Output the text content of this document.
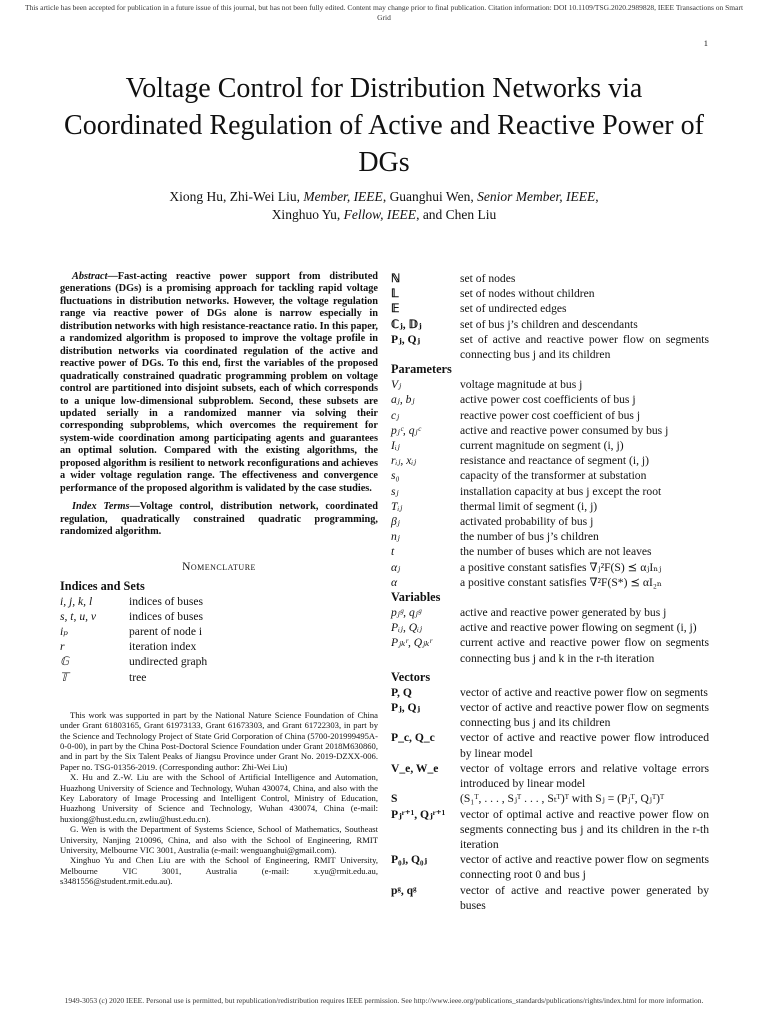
This article has been accepted for publication in a future issue of this journal, but has not been fully edited. Content may change prior to final publication. Citation information: DOI 10.1109/TSG.2020.2989828, IEEE Transactions on Smart Grid
1
Voltage Control for Distribution Networks via Coordinated Regulation of Active and Reactive Power of DGs
Xiong Hu, Zhi-Wei Liu, Member, IEEE, Guanghui Wen, Senior Member, IEEE,
Xinghuo Yu, Fellow, IEEE, and Chen Liu

Abstract—Fast-acting reactive power support from distributed generations (DGs) is a promising approach for tackling rapid voltage fluctuations in distribution networks. However, the voltage regulation range via reactive power of DGs alone is narrow especially in distribution networks with high resistance-reactance ratio. In this paper, a randomized algorithm is proposed to improve the voltage profile in distribution networks via coordinated regulation of the active and reactive power of DGs. To this end, first the variables of the proposed quadratically constrained quadratic programming problem on voltage control are partitioned into disjoint subsets, each of which corresponds to a unique low-dimensional subproblem. Second, these subsets are updated serially in a randomized manner via solving their corresponding subproblems, which overcomes the requirement for system-wide coordination among participating agents and guarantees an optimal solution. Compared with the existing algorithms, the proposed algorithm is resilient to network reconfigurations and achieves a wider voltage regulation range. The effectiveness and convergence performance of the proposed algorithm is validated by the case studies.

Index Terms—Voltage control, distribution network, coordinated regulation, quadratically constrained quadratic programming, randomized algorithm.

Nomenclature
Indices and Sets
i, j, k, l	indices of buses
s, t, u, v	indices of buses
iₚ	parent of node i
r	iteration index
𝔾	undirected graph
𝕋	tree

This work was supported in part by the National Nature Science Foundation of China under Grant 61803165, Grant 61973133, Grant 61673303, and Grant 61722303, in part by the Science and Technology Project of State Grid Corporation of China (5700-201999495A-0-0-00), in part by the China Post-Doctoral Science Foundation under Grant 2018M630860, and in part by the Six Talent Peaks of Jiangsu Province under Grant No. 2019-DZXX-006. Paper no. TSG-01356-2019. (Corresponding author: Zhi-Wei Liu)

X. Hu and Z.-W. Liu are with the School of Artificial Intelligence and Automation, Huazhong University of Science and Technology, Wuhan 430074, China, and also with the Key Laboratory of Image Processing and Intelligent Control, Ministry of Education, Huazhong University of Science and Technology, Wuhan 430074, China (e-mail: huxiong@hust.edu.cn, zwliu@hust.edu.cn).

G. Wen is with the Department of Systems Science, School of Mathematics, Southeast University, Nanjing 210096, China, and also with the School of Engineering, RMIT University, Melbourne VIC 3001, Australia (e-mail: wenguanghui@gmail.com).

Xinghuo Yu and Chen Liu are with the School of Engineering, RMIT University, Melbourne VIC 3001, Australia (e-mail: x.yu@rmit.edu.au, s3481556@student.rmit.edu.au).

ℕ	set of nodes
𝕃	set of nodes without children
𝔼	set of undirected edges
ℂⱼ, 𝔻ⱼ	set of bus j’s children and descendants
Pⱼ, Qⱼ	set of active and reactive power flow on segments connecting bus j and its children
Parameters
Vⱼ	voltage magnitude at bus j
aⱼ, bⱼ	active power cost coefficients of bus j
cⱼ	reactive power cost coefficient of bus j
pⱼᶜ, qⱼᶜ	active and reactive power consumed by bus j
Iᵢⱼ	current magnitude on segment (i, j)
rᵢⱼ, xᵢⱼ	resistance and reactance of segment (i, j)
s₀	capacity of the transformer at substation
sⱼ	installation capacity at bus j except the root
Tᵢⱼ	thermal limit of segment (i, j)
βⱼ	activated probability of bus j
nⱼ	the number of bus j’s children
t	the number of buses which are not leaves
αⱼ	a positive constant satisfies ∇ⱼ²F(S) ⪯ αⱼIₙⱼ
α	a positive constant satisfies ∇²F(S*) ⪯ αI₂ₙ
Variables
pⱼᵍ, qⱼᵍ	active and reactive power generated by bus j
Pᵢⱼ, Qᵢⱼ	active and reactive power flowing on segment (i, j)
Pⱼₖʳ, Qⱼₖʳ	current active and reactive power flow on segments connecting bus j and k in the r-th iteration
Vectors
P, Q	vector of active and reactive power flow on segments
Pⱼ, Qⱼ	vector of active and reactive power flow on segments connecting bus j and its children
P_c, Q_c	vector of active and reactive power flow introduced by linear model
V_e, W_e	vector of voltage errors and relative voltage errors introduced by linear model
S	(S₁ᵀ, . . . , Sⱼᵀ . . . , Sₜᵀ)ᵀ with Sⱼ = (Pⱼᵀ, Qⱼᵀ)ᵀ
Pⱼʳ⁺¹, Qⱼʳ⁺¹	vector of optimal active and reactive power flow on segments connecting bus j and its children in the r-th iteration
P₀ⱼ, Q₀ⱼ	vector of active and reactive power flow on segments connecting root 0 and bus j
pᵍ, qᵍ	vector of active and reactive power generated by buses
1949-3053 (c) 2020 IEEE. Personal use is permitted, but republication/redistribution requires IEEE permission. See http://www.ieee.org/publications_standards/publications/rights/index.html for more information.
